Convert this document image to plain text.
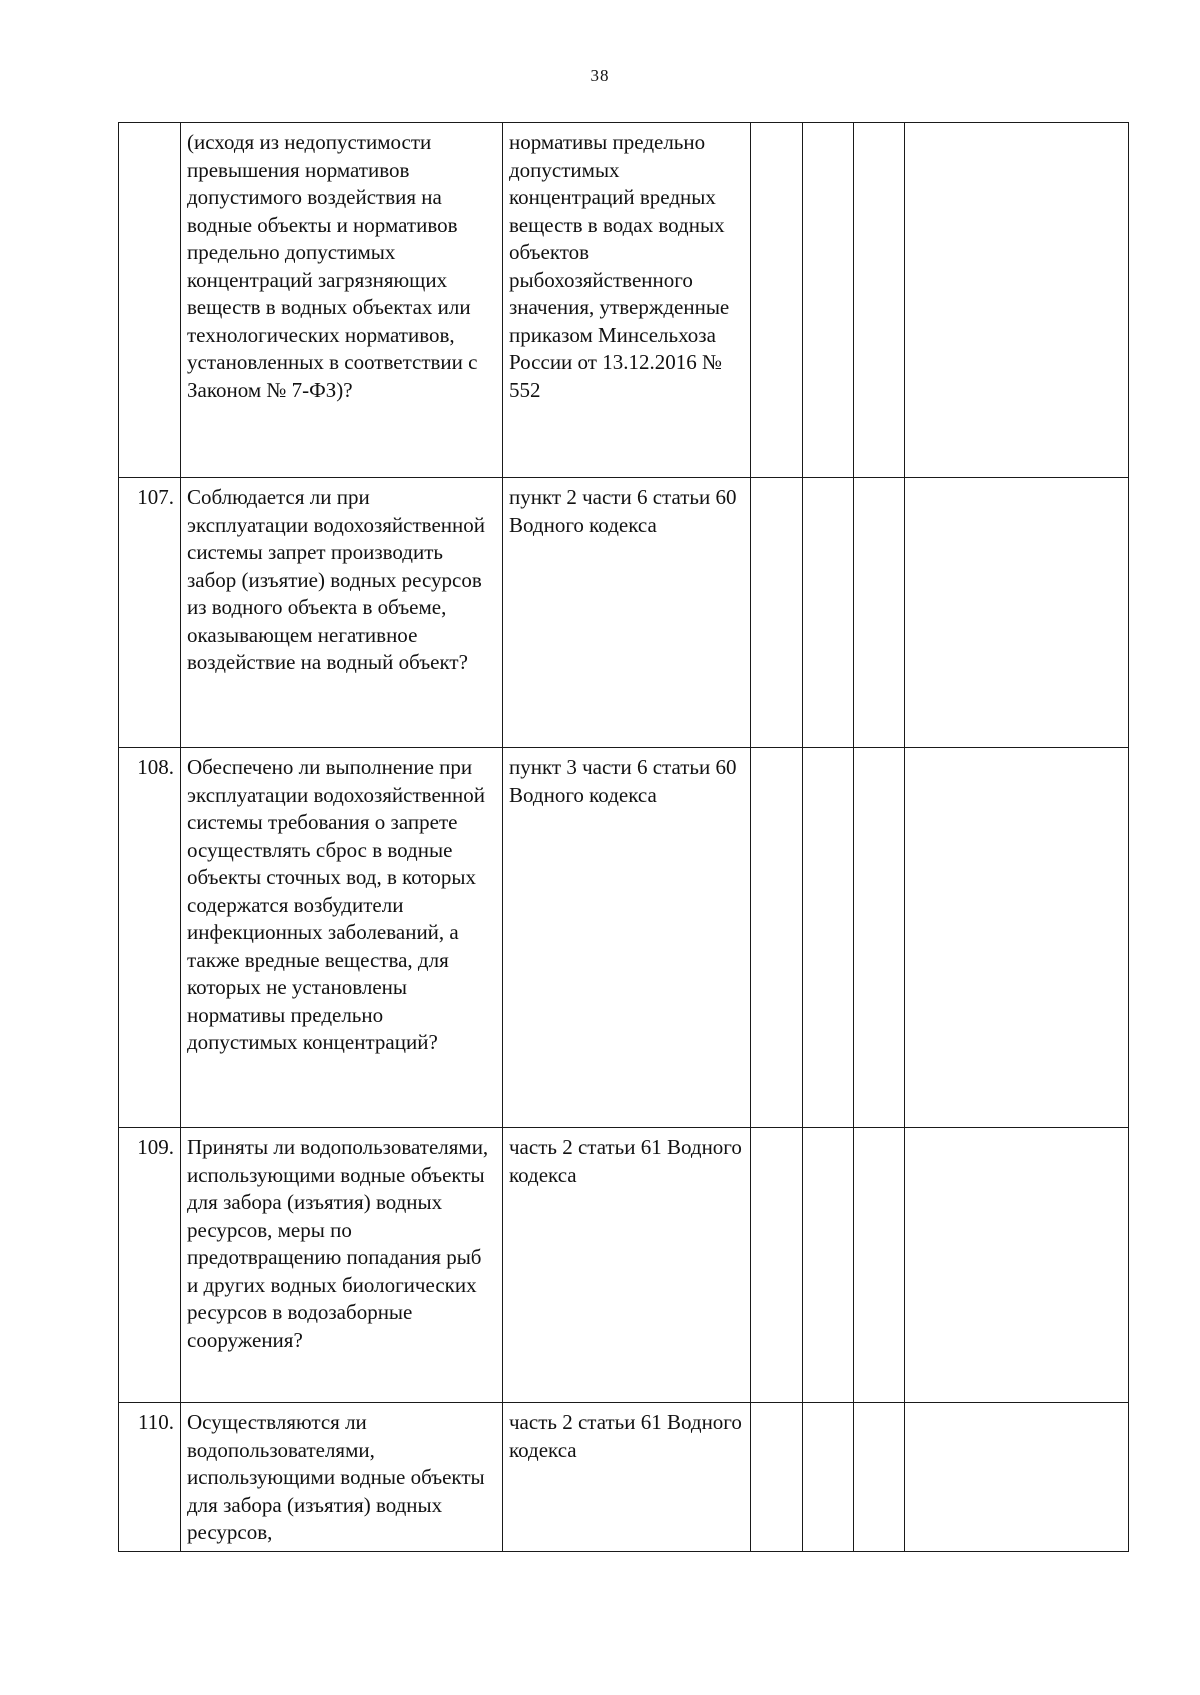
38
	(исходя из недопустимости превышения нормативов допустимого воздействия на водные объекты и нормативов предельно допустимых концентраций загрязняющих веществ в водных объектах или технологических нормативов, установленных в соответствии с Законом № 7-ФЗ)?	нормативы предельно допустимых концентраций вредных веществ в водах водных объектов рыбохозяйственного значения, утвержденные приказом Минсельхоза России от 13.12.2016 № 552				
107.	Соблюдается ли при эксплуатации водохозяйственной системы запрет производить забор (изъятие) водных ресурсов из водного объекта в объеме, оказывающем негативное воздействие на водный объект?	пункт 2 части 6 статьи 60 Водного кодекса				
108.	Обеспечено ли выполнение при эксплуатации водохозяйственной системы требования о запрете осуществлять сброс в водные объекты сточных вод, в которых содержатся возбудители инфекционных заболеваний, а также вредные вещества, для которых не установлены нормативы предельно допустимых концентраций?	пункт 3 части 6 статьи 60 Водного кодекса				
109.	Приняты ли водопользователями, использующими водные объекты для забора (изъятия) водных ресурсов, меры по предотвращению попадания рыб и других водных биологических ресурсов в водозаборные сооружения?	часть 2 статьи 61 Водного кодекса				
110.	Осуществляются ли водопользователями, использующими водные объекты для забора (изъятия) водных ресурсов,	часть 2 статьи 61 Водного кодекса				
